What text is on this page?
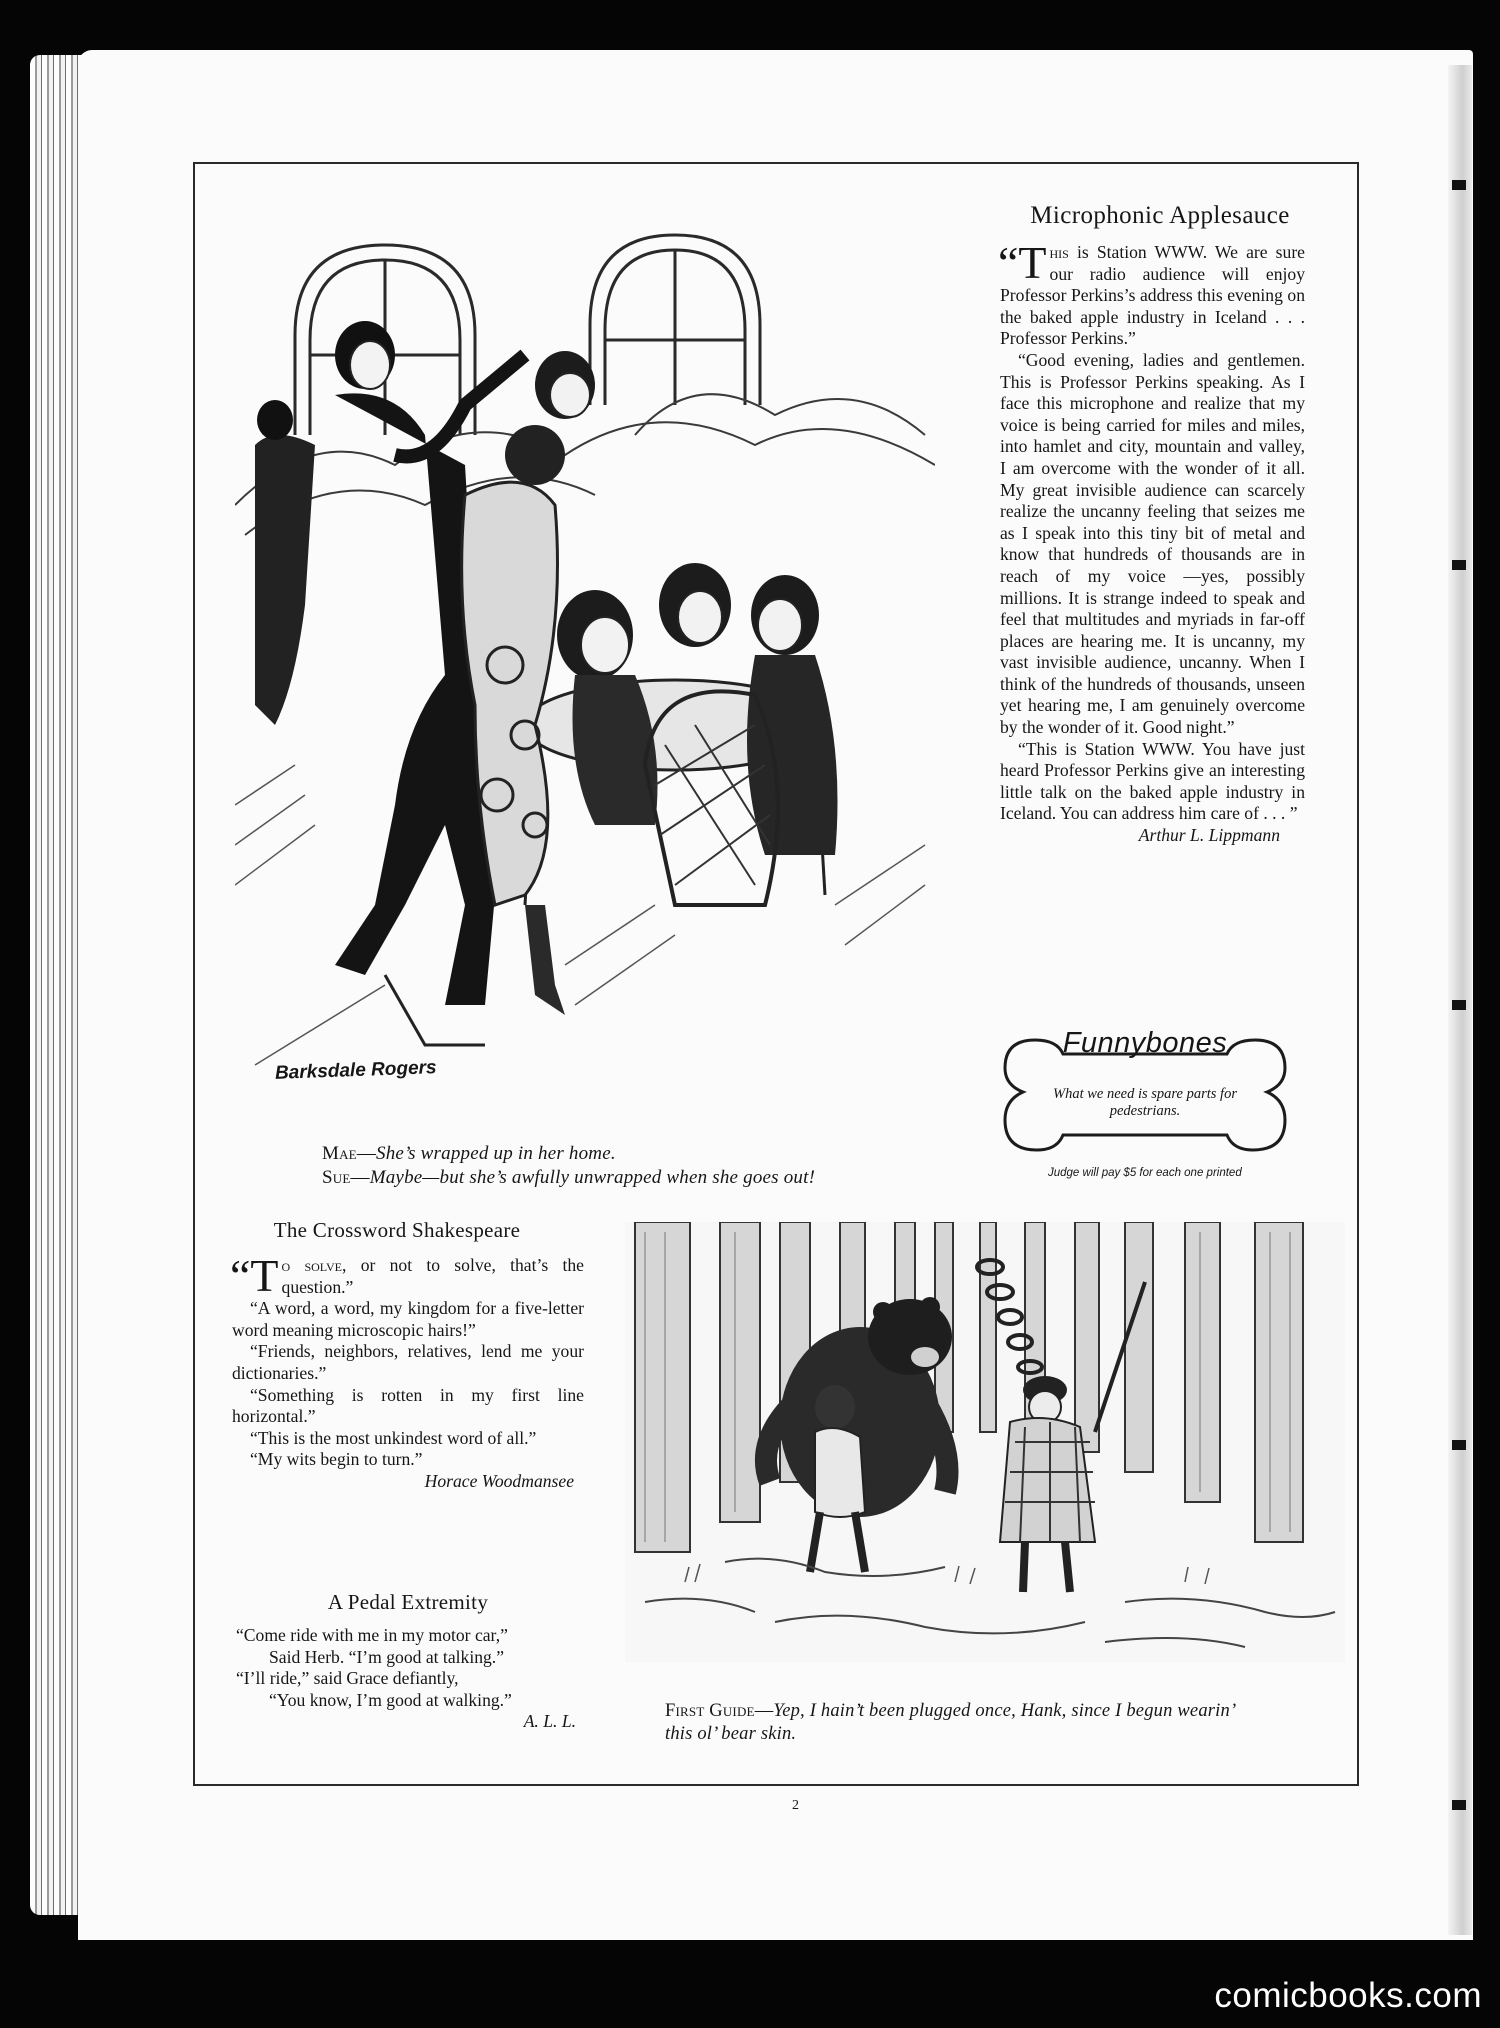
Barksdale Rogers
Mae—She’s wrapped up in her home.
Sue—Maybe—but she’s awfully unwrapped when she goes out!
Microphonic Applesauce

“This is Station WWW. We are sure our radio audience will enjoy Professor Perkins’s address this evening on the baked apple industry in Iceland . . . Professor Perkins.”

“Good evening, ladies and gentlemen. This is Professor Perkins speaking. As I face this microphone and realize that my voice is being carried for miles and miles, into hamlet and city, mountain and valley, I am overcome with the wonder of it all. My great invisible audience can scarcely realize the uncanny feeling that seizes me as I speak into this tiny bit of metal and know that hundreds of thousands are in reach of my voice —yes, possibly millions. It is strange indeed to speak and feel that multitudes and myriads in far-off places are hearing me. It is uncanny, my vast invisible audience, uncanny. When I think of the hundreds of thousands, unseen yet hearing me, I am genuinely overcome by the wonder of it. Good night.”

“This is Station WWW. You have just heard Professor Perkins give an interesting little talk on the baked apple industry in Iceland. You can address him care of . . . ”

Arthur L. Lippmann
Funnybones
What we need is spare parts for pedestrians.
Judge will pay $5 for each one printed
The Crossword Shakespeare

“To solve, or not to solve, that’s the question.”

“A word, a word, my kingdom for a five-letter word meaning microscopic hairs!”

“Friends, neighbors, relatives, lend me your dictionaries.”

“Something is rotten in my first line horizontal.”

“This is the most unkindest word of all.”

“My wits begin to turn.”

Horace Woodmansee
A Pedal Extremity
“Come ride with me in my motor car,”
Said Herb. “I’m good at talking.”
“I’ll ride,” said Grace defiantly,
“You know, I’m good at walking.”
A. L. L.
First Guide—Yep, I hain’t been plugged once, Hank, since I begun wearin’
this ol’ bear skin.
2
comicbooks.com
